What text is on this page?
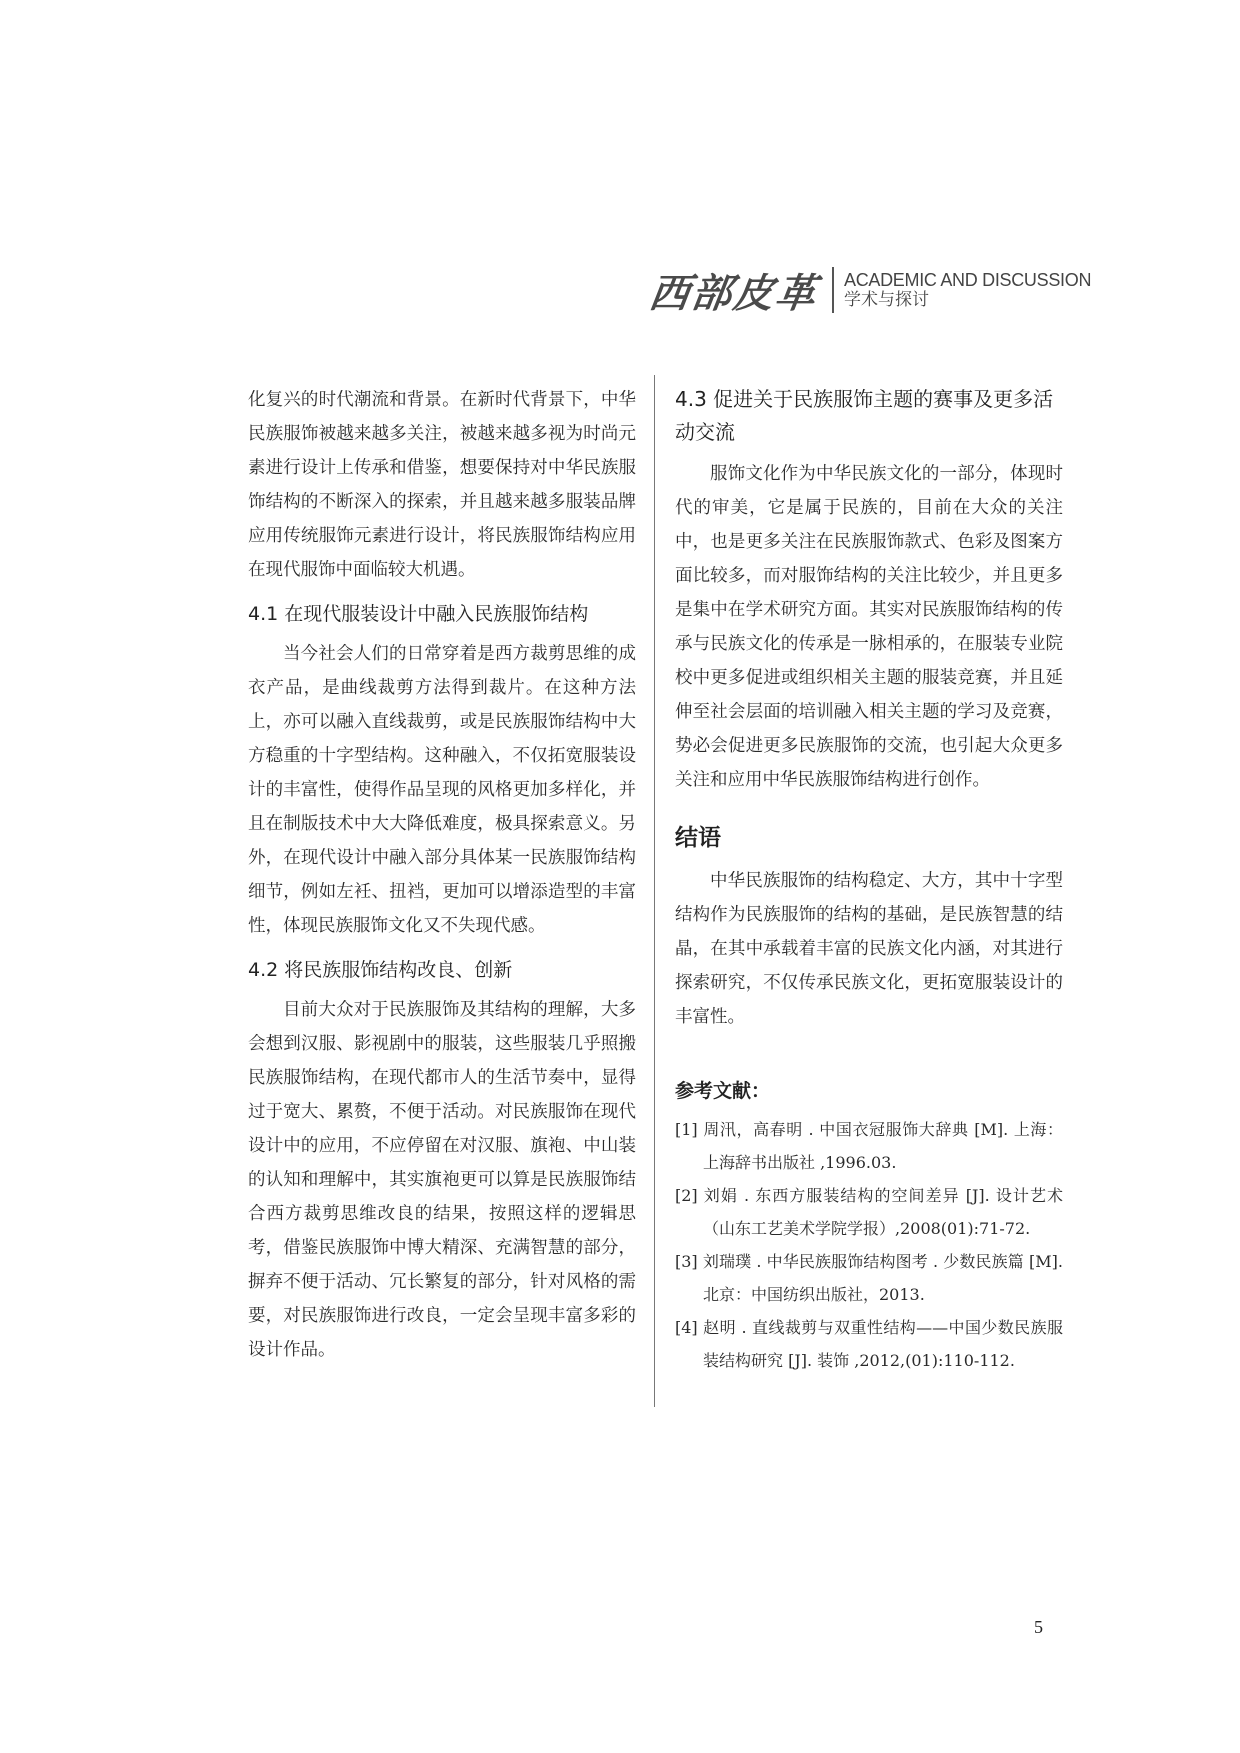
西部皮革 ACADEMIC AND DISCUSSION
学术与探讨

化复兴的时代潮流和背景。在新时代背景下，中华民族服饰被越来越多关注，被越来越多视为时尚元素进行设计上传承和借鉴，想要保持对中华民族服饰结构的不断深入的探索，并且越来越多服装品牌应用传统服饰元素进行设计，将民族服饰结构应用在现代服饰中面临较大机遇。

4.1 在现代服装设计中融入民族服饰结构

当今社会人们的日常穿着是西方裁剪思维的成衣产品，是曲线裁剪方法得到裁片。在这种方法上，亦可以融入直线裁剪，或是民族服饰结构中大方稳重的十字型结构。这种融入，不仅拓宽服装设计的丰富性，使得作品呈现的风格更加多样化，并且在制版技术中大大降低难度，极具探索意义。另外，在现代设计中融入部分具体某一民族服饰结构细节，例如左衽、扭裆，更加可以增添造型的丰富性，体现民族服饰文化又不失现代感。

4.2 将民族服饰结构改良、创新

目前大众对于民族服饰及其结构的理解，大多会想到汉服、影视剧中的服装，这些服装几乎照搬民族服饰结构，在现代都市人的生活节奏中，显得过于宽大、累赘，不便于活动。对民族服饰在现代设计中的应用，不应停留在对汉服、旗袍、中山装的认知和理解中，其实旗袍更可以算是民族服饰结合西方裁剪思维改良的结果，按照这样的逻辑思考，借鉴民族服饰中博大精深、充满智慧的部分，摒弃不便于活动、冗长繁复的部分，针对风格的需要，对民族服饰进行改良，一定会呈现丰富多彩的设计作品。

4.3 促进关于民族服饰主题的赛事及更多活动交流

服饰文化作为中华民族文化的一部分，体现时代的审美，它是属于民族的，目前在大众的关注中，也是更多关注在民族服饰款式、色彩及图案方面比较多，而对服饰结构的关注比较少，并且更多是集中在学术研究方面。其实对民族服饰结构的传承与民族文化的传承是一脉相承的，在服装专业院校中更多促进或组织相关主题的服装竞赛，并且延伸至社会层面的培训融入相关主题的学习及竞赛，势必会促进更多民族服饰的交流，也引起大众更多关注和应用中华民族服饰结构进行创作。

结语

中华民族服饰的结构稳定、大方，其中十字型结构作为民族服饰的结构的基础，是民族智慧的结晶，在其中承载着丰富的民族文化内涵，对其进行探索研究，不仅传承民族文化，更拓宽服装设计的丰富性。

参考文献：

[1] 周汛，高春明 . 中国衣冠服饰大辞典 [M]. 上海：上海辞书出版社 ,1996.03.

[2] 刘娟 . 东西方服装结构的空间差异 [J]. 设计艺术（山东工艺美术学院学报）,2008(01):71-72.

[3] 刘瑞璞 . 中华民族服饰结构图考 . 少数民族篇 [M]. 北京：中国纺织出版社，2013.

[4] 赵明 . 直线裁剪与双重性结构——中国少数民族服装结构研究 [J]. 装饰 ,2012,(01):110-112.

5
